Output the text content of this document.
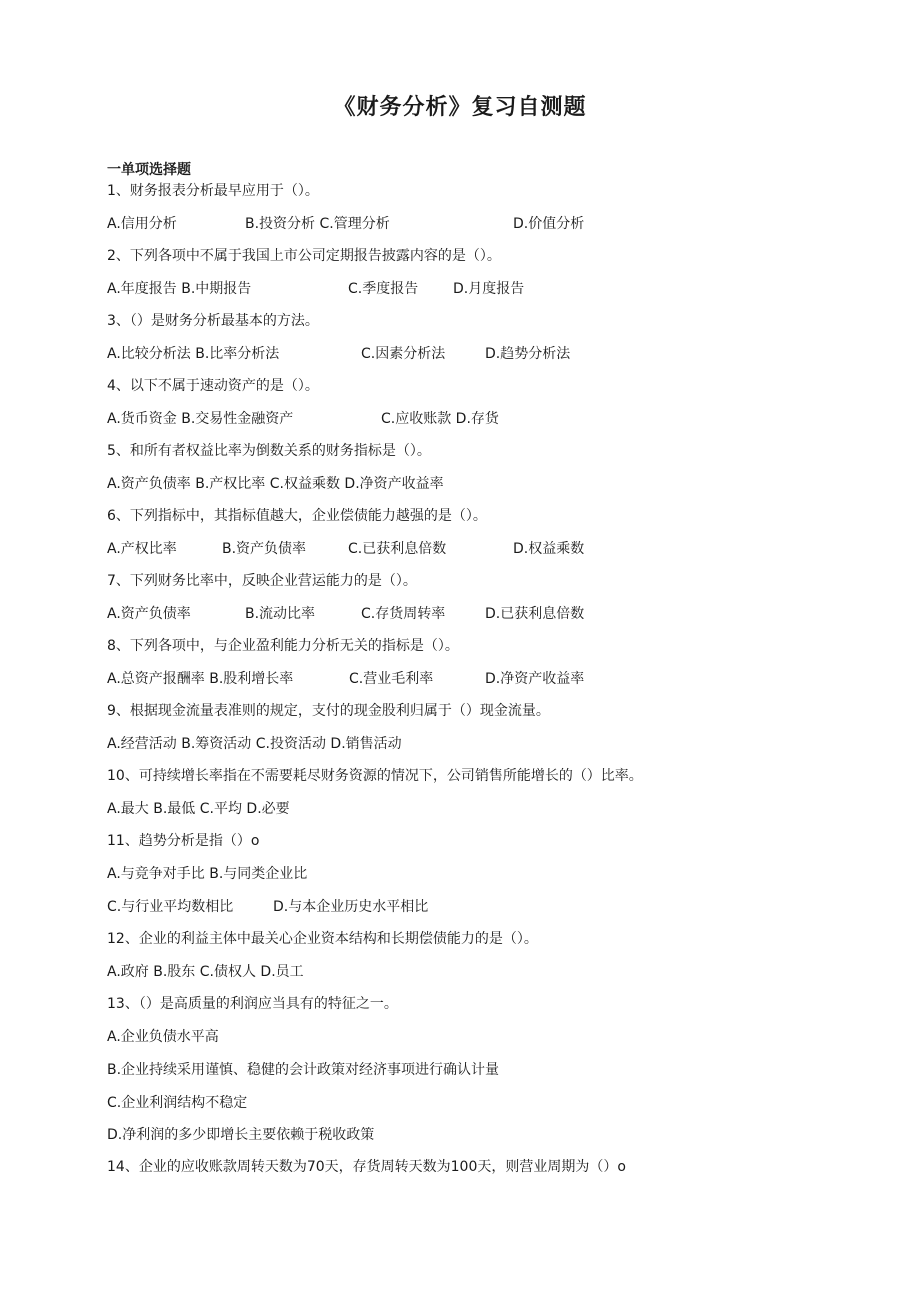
《财务分析》复习自测题
一单项选择题
1、财务报表分析最早应用于（）。
A.信用分析	B.投资分析 C.管理分析	D.价值分析
2、下列各项中不属于我国上市公司定期报告披露内容的是（）。
A.年度报告 B.中期报告	C.季度报告 D.月度报告
3、（）是财务分析最基本的方法。
A.比较分析法 B.比率分析法	C.因素分析法	D.趋势分析法
4、以下不属于速动资产的是（）。
A.货币资金 B.交易性金融资产	C.应收账款 D.存货
5、和所有者权益比率为倒数关系的财务指标是（）。
A.资产负债率 B.产权比率 C.权益乘数 D.净资产收益率
6、下列指标中，其指标值越大，企业偿债能力越强的是（）。
A.产权比率	B.资产负债率	C.已获利息倍数	D.权益乘数
7、下列财务比率中，反映企业营运能力的是（）。
A.资产负债率	B.流动比率	C.存货周转率	D.已获利息倍数
8、下列各项中，与企业盈利能力分析无关的指标是（）。
A.总资产报酬率 B.股利增长率	C.营业毛利率	D.净资产收益率
9、根据现金流量表准则的规定，支付的现金股利归属于（）现金流量。
A.经营活动 B.筹资活动 C.投资活动 D.销售活动
10、可持续增长率指在不需要耗尽财务资源的情况下，公司销售所能增长的（）比率。
A.最大 B.最低 C.平均 D.必要
11、趋势分析是指（）o
A.与竞争对手比 B.与同类企业比
C.与行业平均数相比	D.与本企业历史水平相比
12、企业的利益主体中最关心企业资本结构和长期偿债能力的是（）。
A.政府 B.股东 C.债权人 D.员工
13、（）是高质量的利润应当具有的特征之一。
A.企业负债水平高
B.企业持续采用谨慎、稳健的会计政策对经济事项进行确认计量
C.企业利润结构不稳定
D.净利润的多少即增长主要依赖于税收政策
14、企业的应收账款周转天数为70天，存货周转天数为100天，则营业周期为（）o
